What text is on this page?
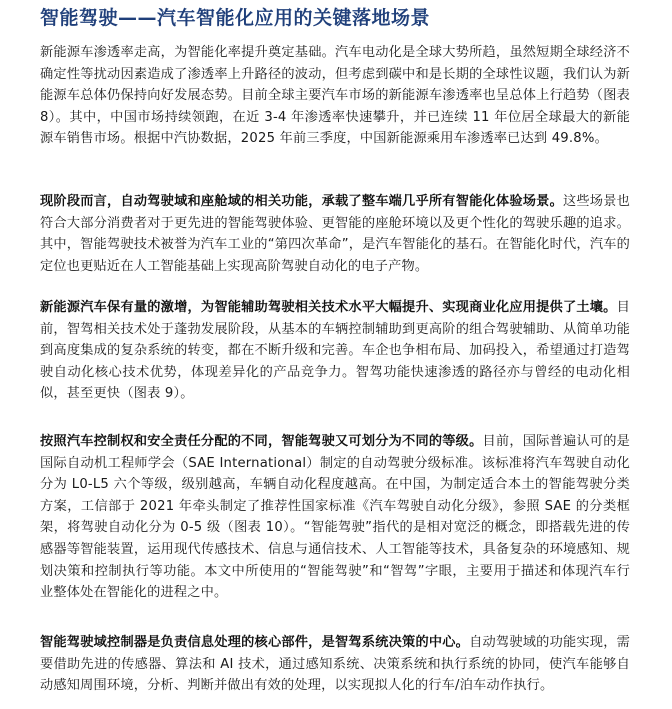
智能驾驶——汽车智能化应用的关键落地场景

新能源车渗透率走高，为智能化率提升奠定基础。汽车电动化是全球大势所趋，虽然短期全球经济不确定性等扰动因素造成了渗透率上升路径的波动，但考虑到碳中和是长期的全球性议题，我们认为新能源车总体仍保持向好发展态势。目前全球主要汽车市场的新能源车渗透率也呈总体上行趋势（图表 8）。其中，中国市场持续领跑，在近 3-4 年渗透率快速攀升，并已连续 11 年位居全球最大的新能源车销售市场。根据中汽协数据，2025 年前三季度，中国新能源乘用车渗透率已达到 49.8%。

现阶段而言，自动驾驶域和座舱域的相关功能，承载了整车端几乎所有智能化体验场景。这些场景也符合大部分消费者对于更先进的智能驾驶体验、更智能的座舱环境以及更个性化的驾驶乐趣的追求。其中，智能驾驶技术被誉为汽车工业的“第四次革命”，是汽车智能化的基石。在智能化时代，汽车的定位也更贴近在人工智能基础上实现高阶驾驶自动化的电子产物。

新能源汽车保有量的激增，为智能辅助驾驶相关技术水平大幅提升、实现商业化应用提供了土壤。目前，智驾相关技术处于蓬勃发展阶段，从基本的车辆控制辅助到更高阶的组合驾驶辅助、从简单功能到高度集成的复杂系统的转变，都在不断升级和完善。车企也争相布局、加码投入，希望通过打造驾驶自动化核心技术优势，体现差异化的产品竞争力。智驾功能快速渗透的路径亦与曾经的电动化相似，甚至更快（图表 9）。

按照汽车控制权和安全责任分配的不同，智能驾驶又可划分为不同的等级。目前，国际普遍认可的是国际自动机工程师学会（SAE International）制定的自动驾驶分级标准。该标准将汽车驾驶自动化分为 L0-L5 六个等级，级别越高，车辆自动化程度越高。在中国，为制定适合本土的智能驾驶分类方案，工信部于 2021 年牵头制定了推荐性国家标准《汽车驾驶自动化分级》，参照 SAE 的分类框架，将驾驶自动化分为 0-5 级（图表 10）。“智能驾驶”指代的是相对宽泛的概念，即搭载先进的传感器等智能装置，运用现代传感技术、信息与通信技术、人工智能等技术，具备复杂的环境感知、规划决策和控制执行等功能。本文中所使用的“智能驾驶”和“智驾”字眼，主要用于描述和体现汽车行业整体处在智能化的进程之中。

智能驾驶域控制器是负责信息处理的核心部件，是智驾系统决策的中心。自动驾驶域的功能实现，需要借助先进的传感器、算法和 AI 技术，通过感知系统、决策系统和执行系统的协同，使汽车能够自动感知周围环境，分析、判断并做出有效的处理，以实现拟人化的行车/泊车动作执行。
